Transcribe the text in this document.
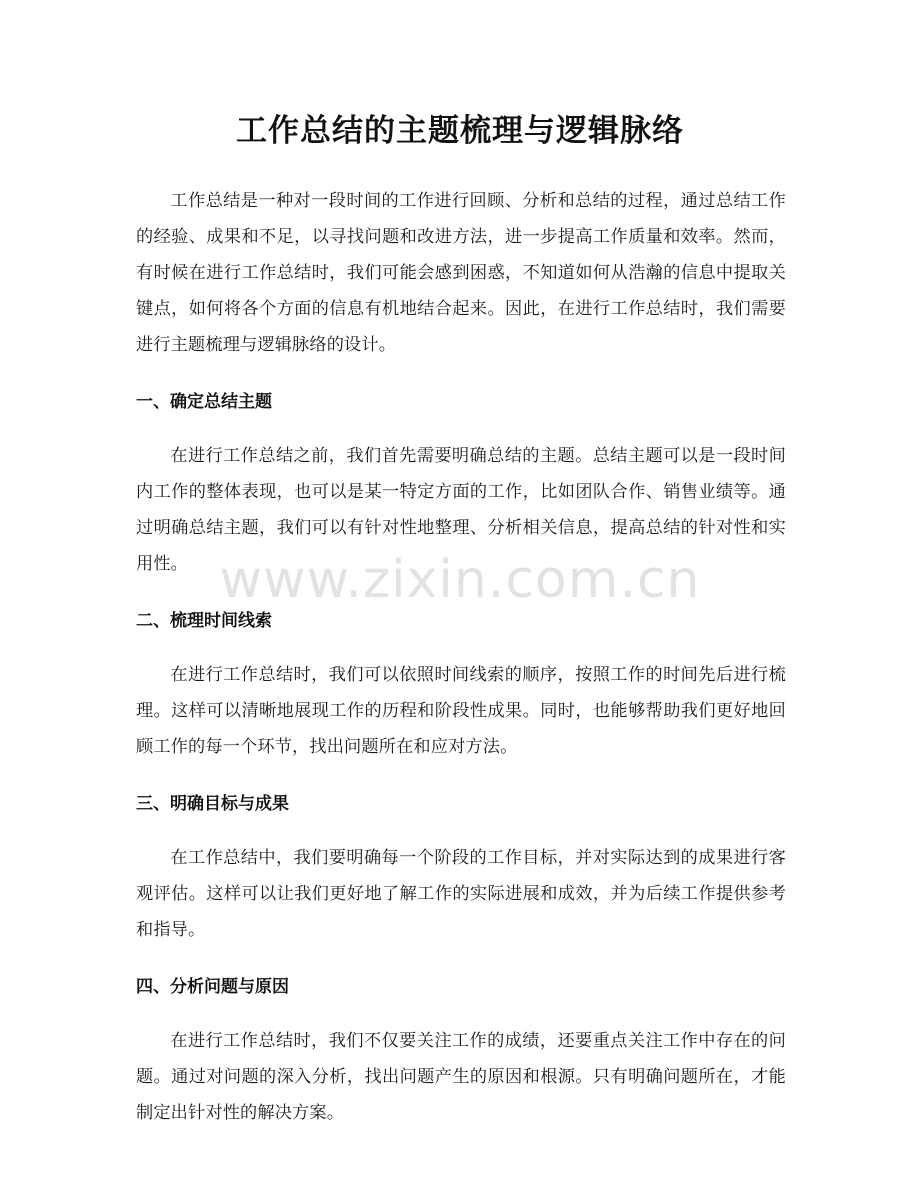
工作总结的主题梳理与逻辑脉络

工作总结是一种对一段时间的工作进行回顾、分析和总结的过程，通过总结工作的经验、成果和不足，以寻找问题和改进方法，进一步提高工作质量和效率。然而，有时候在进行工作总结时，我们可能会感到困惑，不知道如何从浩瀚的信息中提取关键点，如何将各个方面的信息有机地结合起来。因此，在进行工作总结时，我们需要进行主题梳理与逻辑脉络的设计。

一、确定总结主题

在进行工作总结之前，我们首先需要明确总结的主题。总结主题可以是一段时间内工作的整体表现，也可以是某一特定方面的工作，比如团队合作、销售业绩等。通过明确总结主题，我们可以有针对性地整理、分析相关信息，提高总结的针对性和实用性。

二、梳理时间线索

在进行工作总结时，我们可以依照时间线索的顺序，按照工作的时间先后进行梳理。这样可以清晰地展现工作的历程和阶段性成果。同时，也能够帮助我们更好地回顾工作的每一个环节，找出问题所在和应对方法。

三、明确目标与成果

在工作总结中，我们要明确每一个阶段的工作目标，并对实际达到的成果进行客观评估。这样可以让我们更好地了解工作的实际进展和成效，并为后续工作提供参考和指导。

四、分析问题与原因

在进行工作总结时，我们不仅要关注工作的成绩，还要重点关注工作中存在的问题。通过对问题的深入分析，找出问题产生的原因和根源。只有明确问题所在，才能制定出针对性的解决方案。

www.zixin.com.cn
